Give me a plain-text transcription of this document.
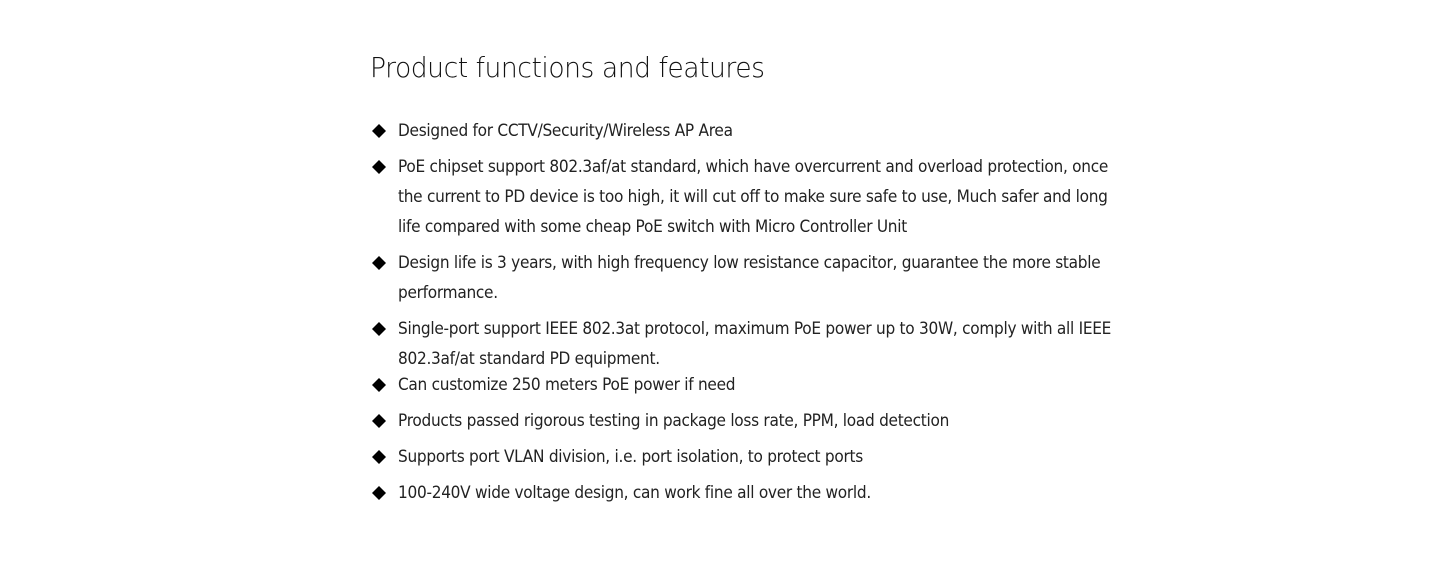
Product functions and features
Designed for CCTV/Security/Wireless AP Area
PoE chipset support 802.3af/at standard, which have overcurrent and overload protection, once the current to PD device is too high, it will cut off to make sure safe to use, Much safer and long life compared with some cheap PoE switch with Micro Controller Unit
Design life is 3 years, with high frequency low resistance capacitor, guarantee the more stable performance.
Single-port support IEEE 802.3at protocol, maximum PoE power up to 30W, comply with all IEEE 802.3af/at standard PD equipment.
Can customize 250 meters PoE power if need
Products passed rigorous testing in package loss rate, PPM, load detection
Supports port VLAN division, i.e. port isolation, to protect ports
100-240V wide voltage design, can work fine all over the world.
